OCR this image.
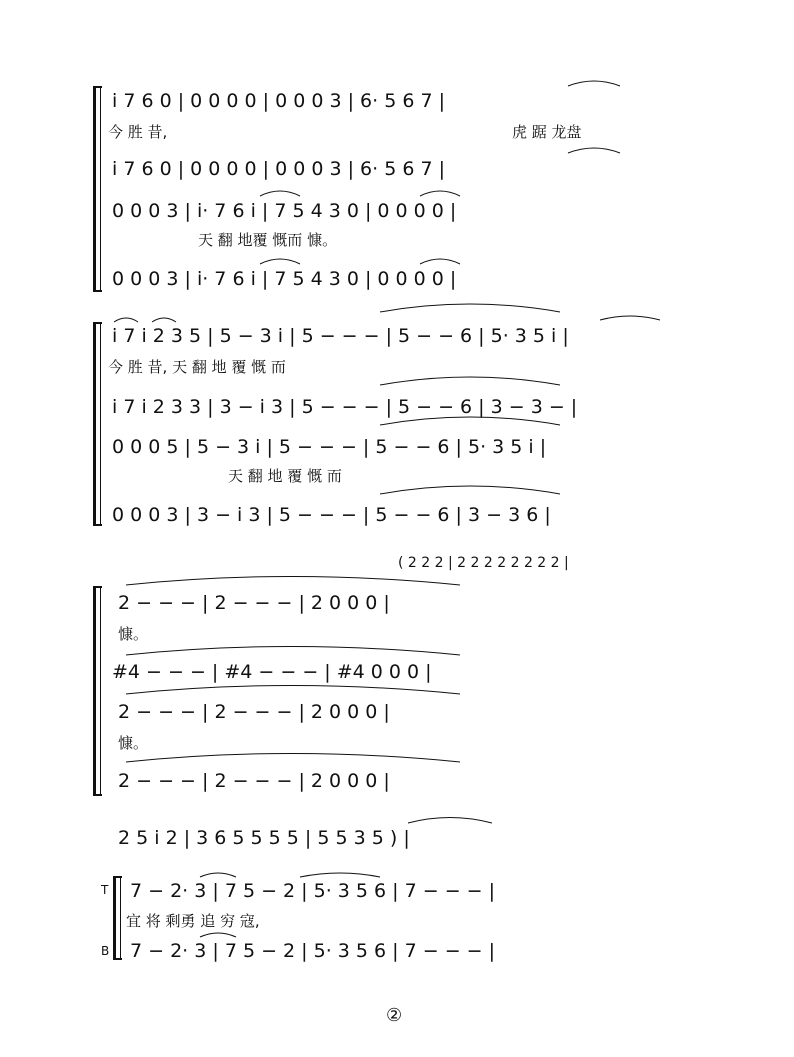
i 7 6 0 | 0 0 0 0 | 0 0 0 3 | 6· 5 6 7 |
今 胜 昔,	虎 踞 龙盘
i 7 6 0 | 0 0 0 0 | 0 0 0 3 | 6· 5 6 7 |
0 0 0 3 | i· 7 6 i | 7 5 4 3 0 | 0 0 0 0 |
天 翻 地覆 慨而 慷。
0 0 0 3 | i· 7 6 i | 7 5 4 3 0 | 0 0 0 0 |
i 7 i 2 3 5 | 5 − 3 i | 5 − − − | 5 − − 6 | 5· 3 5 i |
今 胜 昔, 天 翻 地 覆 慨 而
i 7 i 2 3 3 | 3 − i 3 | 5 − − − | 5 − − 6 | 3 − 3 − |
0 0 0 5 | 5 − 3 i | 5 − − − | 5 − − 6 | 5· 3 5 i |
天 翻 地 覆 慨 而
0 0 0 3 | 3 − i 3 | 5 − − − | 5 − − 6 | 3 − 3 6 |
( 2 2 2 | 2 2 2 2 2 2 2 2 |
2 − − − | 2 − − − | 2 0 0 0 |
慷。
#4 − − − | #4 − − − | #4 0 0 0 |
2 − − − | 2 − − − | 2 0 0 0 |
慷。
2 − − − | 2 − − − | 2 0 0 0 |
2 5 i 2 | 3 6 5 5 5 5 | 5 5 3 5 ) |
T
B
7 − 2· 3 | 7 5 − 2 | 5· 3 5 6 | 7 − − − |
宜 将 剩勇 追 穷 寇,
7 − 2· 3 | 7 5 − 2 | 5· 3 5 6 | 7 − − − |
②
